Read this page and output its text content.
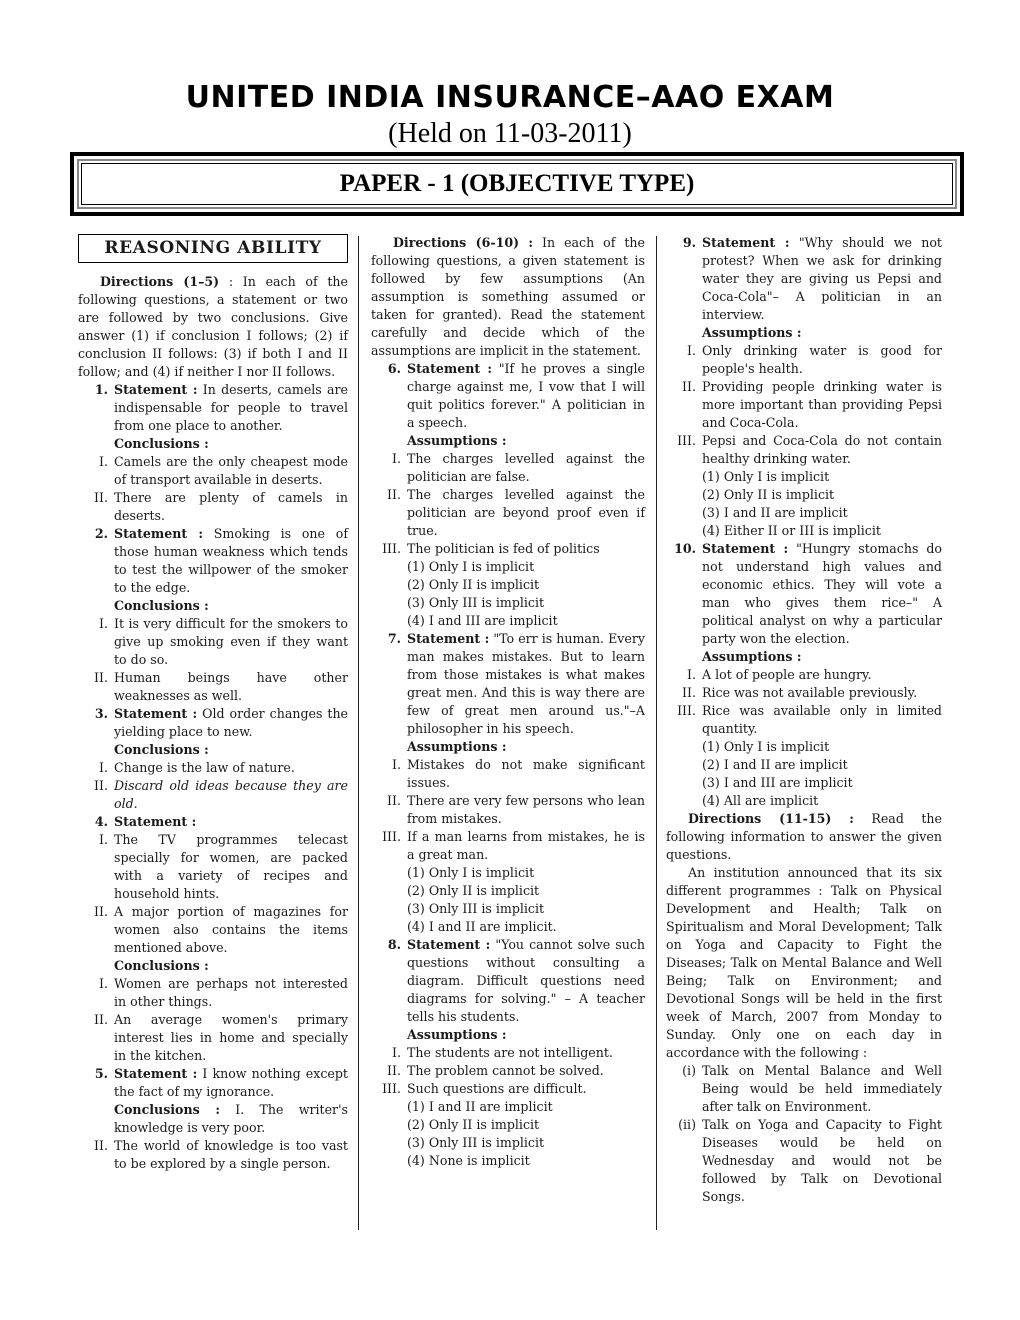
UNITED INDIA INSURANCE–AAO EXAM
(Held on 11-03-2011)
PAPER - 1 (OBJECTIVE TYPE)
REASONING ABILITY

Directions (1–5) : In each of the following questions, a statement or two are followed by two conclusions. Give answer (1) if conclusion I follows; (2) if conclusion II follows: (3) if both I and II follow; and (4) if neither I nor II follows.

1. Statement : In deserts, camels are indispensable for people to travel from one place to another.
Conclusions :
I. Camels are the only cheapest mode of transport available in deserts.
II. There are plenty of camels in deserts.
2. Statement : Smoking is one of those human weakness which tends to test the willpower of the smoker to the edge.
Conclusions :
I. It is very difficult for the smokers to give up smoking even if they want to do so.
II. Human beings have other weaknesses as well.
3. Statement : Old order changes the yielding place to new.
Conclusions :
I. Change is the law of nature.
II. Discard old ideas because they are old.
4. Statement :
I. The TV programmes telecast specially for women, are packed with a variety of recipes and household hints.
II. A major portion of magazines for women also contains the items mentioned above.
Conclusions :
I. Women are perhaps not interested in other things.
II. An average women's primary interest lies in home and specially in the kitchen.
5. Statement : I know nothing except the fact of my ignorance.
Conclusions : I. The writer's knowledge is very poor.
II. The world of knowledge is too vast to be explored by a single person.

Directions (6-10) : In each of the following questions, a given statement is followed by few assumptions (An assumption is something assumed or taken for granted). Read the statement carefully and decide which of the assumptions are implicit in the statement.

6. Statement : "If he proves a single charge against me, I vow that I will quit politics forever." A politician in a speech.
Assumptions :
I. The charges levelled against the politician are false.
II. The charges levelled against the politician are beyond proof even if true.
III. The politician is fed of politics
(1) Only I is implicit
(2) Only II is implicit
(3) Only III is implicit
(4) I and III are implicit
7. Statement : "To err is human. Every man makes mistakes. But to learn from those mistakes is what makes great men. And this is way there are few of great men around us."–A philosopher in his speech.
Assumptions :
I. Mistakes do not make significant issues.
II. There are very few persons who lean from mistakes.
III. If a man learns from mistakes, he is a great man.
(1) Only I is implicit
(2) Only II is implicit
(3) Only III is implicit
(4) I and II are implicit.
8. Statement : "You cannot solve such questions without consulting a diagram. Difficult questions need diagrams for solving." – A teacher tells his students.
Assumptions :
I. The students are not intelligent.
II. The problem cannot be solved.
III. Such questions are difficult.
(1) I and II are implicit
(2) Only II is implicit
(3) Only III is implicit
(4) None is implicit
9. Statement : "Why should we not protest? When we ask for drinking water they are giving us Pepsi and Coca-Cola"– A politician in an interview.
Assumptions :
I. Only drinking water is good for people's health.
II. Providing people drinking water is more important than providing Pepsi and Coca-Cola.
III. Pepsi and Coca-Cola do not contain healthy drinking water.
(1) Only I is implicit
(2) Only II is implicit
(3) I and II are implicit
(4) Either II or III is implicit
10. Statement : "Hungry stomachs do not understand high values and economic ethics. They will vote a man who gives them rice–" A political analyst on why a particular party won the election.
Assumptions :
I. A lot of people are hungry.
II. Rice was not available previously.
III. Rice was available only in limited quantity.
(1) Only I is implicit
(2) I and II are implicit
(3) I and III are implicit
(4) All are implicit

Directions (11-15) : Read the following information to answer the given questions.

An institution announced that its six different programmes : Talk on Physical Development and Health; Talk on Spiritualism and Moral Development; Talk on Yoga and Capacity to Fight the Diseases; Talk on Mental Balance and Well Being; Talk on Environment; and Devotional Songs will be held in the first week of March, 2007 from Monday to Sunday. Only one on each day in accordance with the following :

(i) Talk on Mental Balance and Well Being would be held immediately after talk on Environment.
(ii) Talk on Yoga and Capacity to Fight Diseases would be held on Wednesday and would not be followed by Talk on Devotional Songs.
